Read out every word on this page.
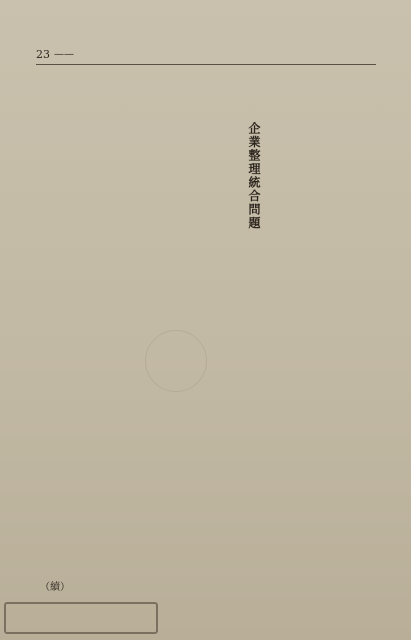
23 ——
企業整理統合問題
（續）
